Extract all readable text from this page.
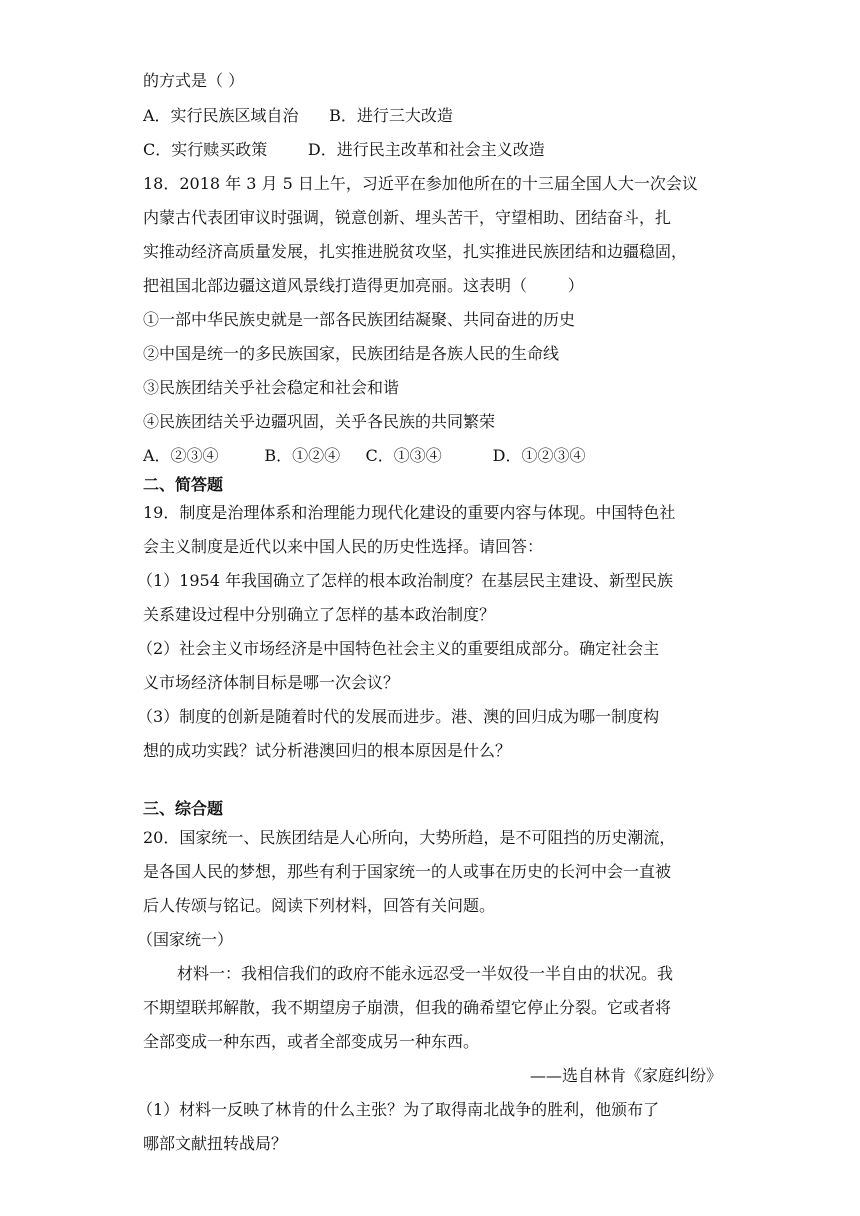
的方式是（ ）
A．实行民族区域自治      B．进行三大改造
C．实行赎买政策        D．进行民主改革和社会主义改造
18．2018 年 3 月 5 日上午，习近平在参加他所在的十三届全国人大一次会议
内蒙古代表团审议时强调，锐意创新、埋头苦干，守望相助、团结奋斗，扎
实推动经济高质量发展，扎实推进脱贫攻坚，扎实推进民族团结和边疆稳固，
把祖国北部边疆这道风景线打造得更加亮丽。这表明（        ）
①一部中华民族史就是一部各民族团结凝聚、共同奋进的历史
②中国是统一的多民族国家，民族团结是各族人民的生命线
③民族团结关乎社会稳定和社会和谐
④民族团结关乎边疆巩固，关乎各民族的共同繁荣
A．②③④         B．①②④     C．①③④          D．①②③④
二、简答题
19．制度是治理体系和治理能力现代化建设的重要内容与体现。中国特色社
会主义制度是近代以来中国人民的历史性选择。请回答：
（1）1954 年我国确立了怎样的根本政治制度？在基层民主建设、新型民族
关系建设过程中分别确立了怎样的基本政治制度？
（2）社会主义市场经济是中国特色社会主义的重要组成部分。确定社会主
义市场经济体制目标是哪一次会议？
（3）制度的创新是随着时代的发展而进步。港、澳的回归成为哪一制度构
想的成功实践？试分析港澳回归的根本原因是什么？
三、综合题
20．国家统一、民族团结是人心所向，大势所趋，是不可阻挡的历史潮流，
是各国人民的梦想，那些有利于国家统一的人或事在历史的长河中会一直被
后人传颂与铭记。阅读下列材料，回答有关问题。
（国家统一）
材料一：我相信我们的政府不能永远忍受一半奴役一半自由的状况。我
不期望联邦解散，我不期望房子崩溃，但我的确希望它停止分裂。它或者将
全部变成一种东西，或者全部变成另一种东西。
——选自林肯《家庭纠纷》
（1）材料一反映了林肯的什么主张？为了取得南北战争的胜利，他颁布了
哪部文献扭转战局？
